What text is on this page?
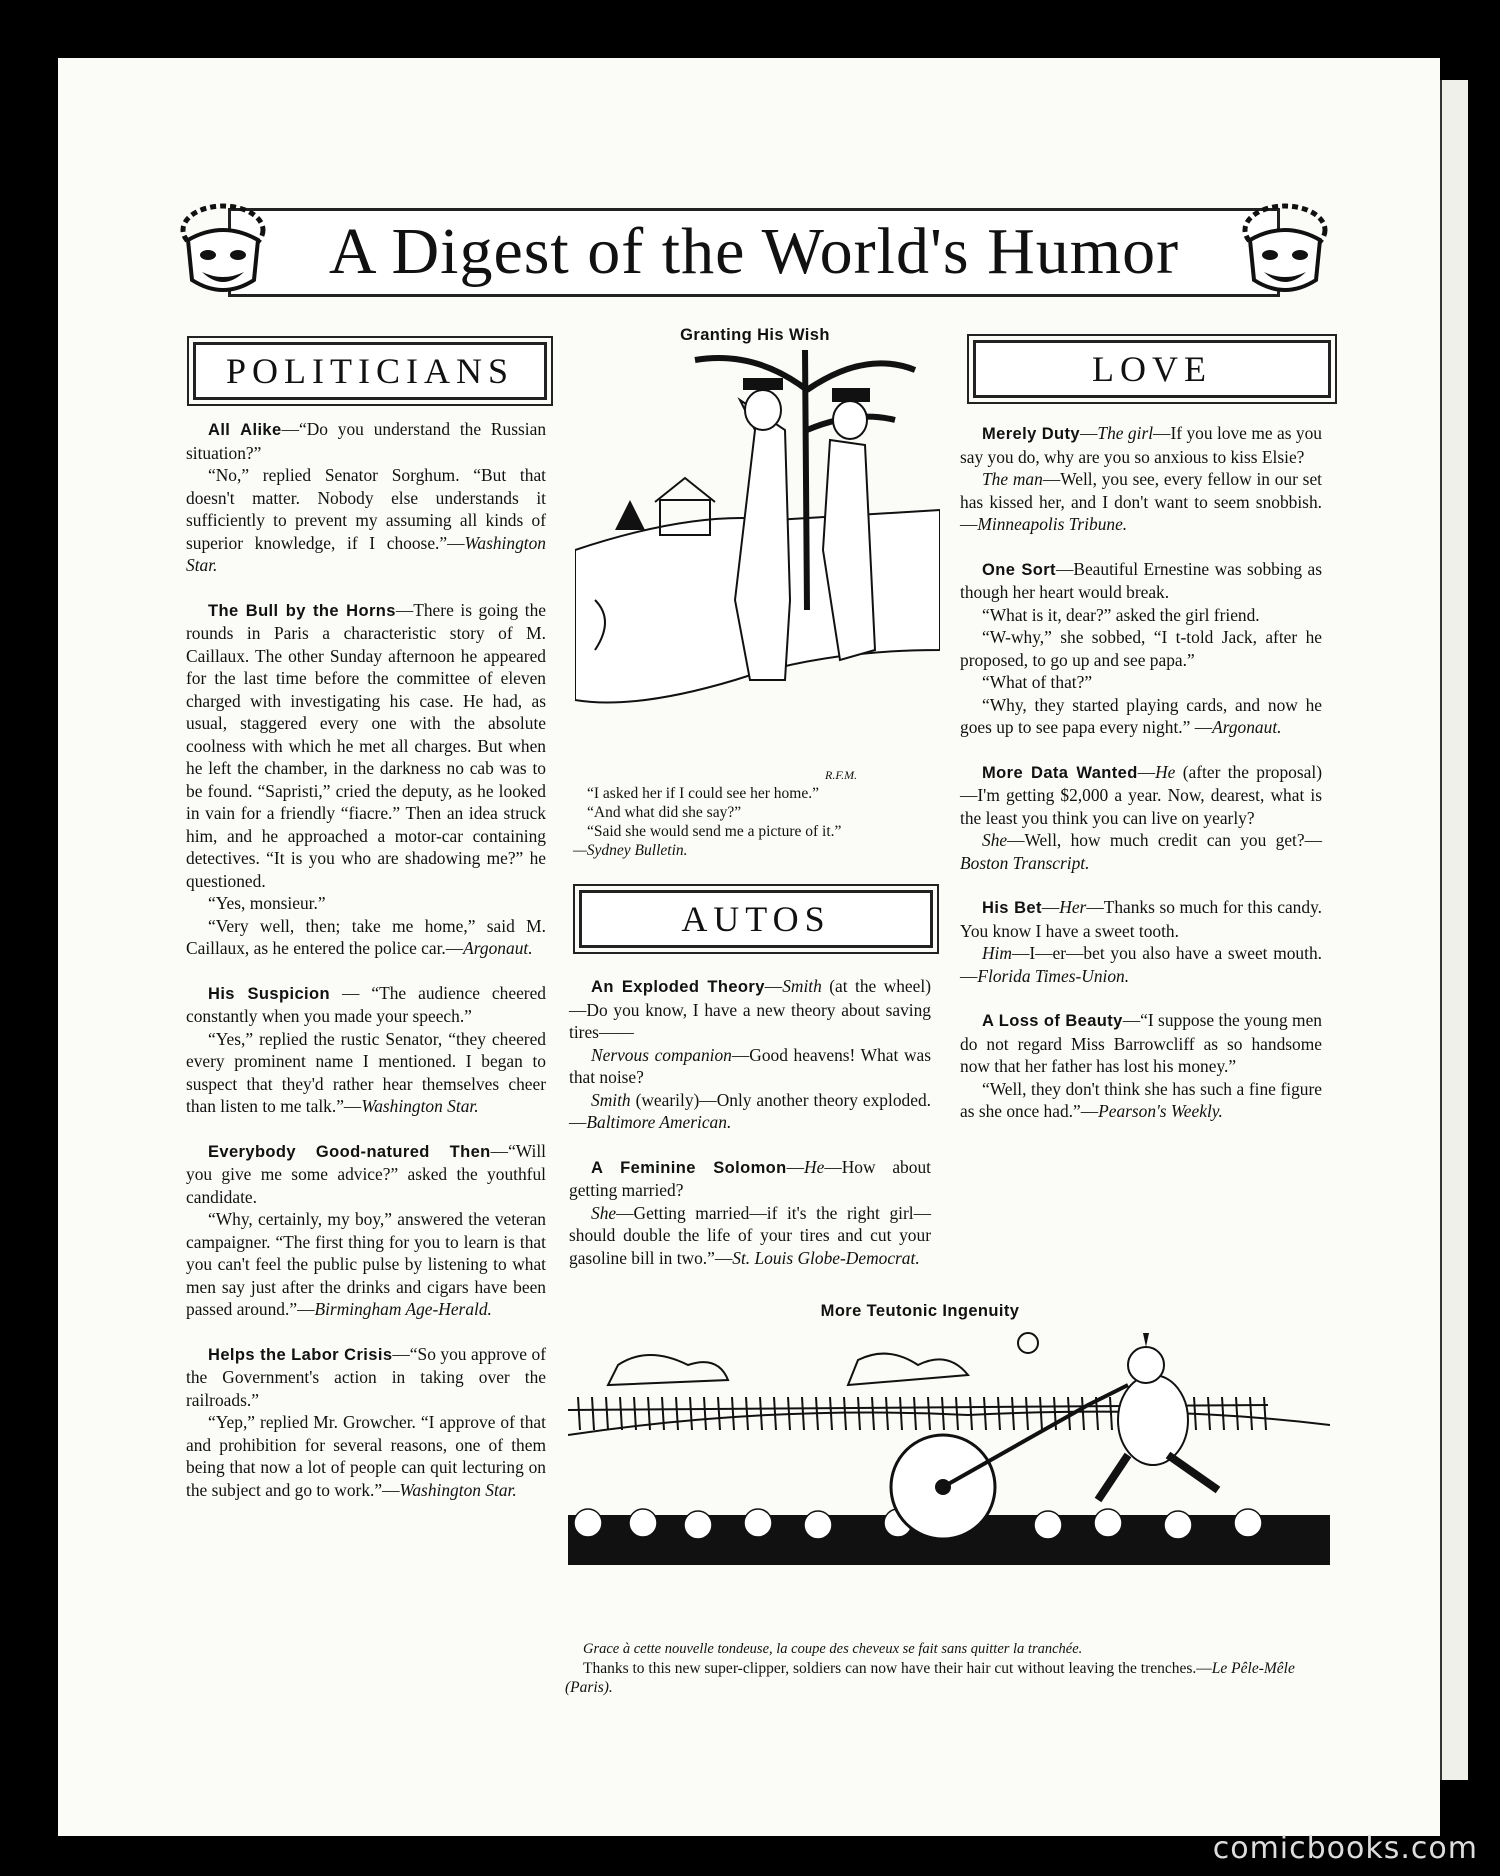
A Digest of the World's Humor
POLITICIANS	LOVE
AUTOS

All Alike—“Do you understand the Russian situation?”

“No,” replied Senator Sorghum. “But that doesn't matter. Nobody else understands it sufficiently to prevent my assuming all kinds of superior knowledge, if I choose.”—Washington Star.

The Bull by the Horns—There is going the rounds in Paris a characteristic story of M. Caillaux. The other Sunday afternoon he appeared for the last time before the committee of eleven charged with investigating his case. He had, as usual, staggered every one with the absolute coolness with which he met all charges. But when he left the chamber, in the darkness no cab was to be found. “Sapristi,” cried the deputy, as he looked in vain for a friendly “fiacre.” Then an idea struck him, and he approached a motor-car containing detectives. “It is you who are shadowing me?” he questioned.

“Yes, monsieur.”

“Very well, then; take me home,” said M. Caillaux, as he entered the police car.—Argonaut.

His Suspicion — “The audience cheered constantly when you made your speech.”

“Yes,” replied the rustic Senator, “they cheered every prominent name I mentioned. I began to suspect that they'd rather hear themselves cheer than listen to me talk.”—Washington Star.

Everybody Good-natured Then—“Will you give me some advice?” asked the youthful candidate.

“Why, certainly, my boy,” answered the veteran campaigner. “The first thing for you to learn is that you can't feel the public pulse by listening to what men say just after the drinks and cigars have been passed around.”—Birmingham Age-Herald.

Helps the Labor Crisis—“So you approve of the Government's action in taking over the railroads.”

“Yep,” replied Mr. Growcher. “I approve of that and prohibition for several reasons, one of them being that now a lot of people can quit lecturing on the subject and go to work.”—Washington Star.

Granting His Wish
R.F.M.

“I asked her if I could see her home.”

“And what did she say?”

“Said she would send me a picture of it.”

—Sydney Bulletin.

An Exploded Theory—Smith (at the wheel)—Do you know, I have a new theory about saving tires——

Nervous companion—Good heavens! What was that noise?

Smith (wearily)—Only another theory exploded.—Baltimore American.

A Feminine Solomon—He—How about getting married?

She—Getting married—if it's the right girl—should double the life of your tires and cut your gasoline bill in two.”—St. Louis Globe-Democrat.

Merely Duty—The girl—If you love me as you say you do, why are you so anxious to kiss Elsie?

The man—Well, you see, every fellow in our set has kissed her, and I don't want to seem snobbish.—Minneapolis Tribune.

One Sort—Beautiful Ernestine was sobbing as though her heart would break.

“What is it, dear?” asked the girl friend.

“W-why,” she sobbed, “I t-told Jack, after he proposed, to go up and see papa.”

“What of that?”

“Why, they started playing cards, and now he goes up to see papa every night.” —Argonaut.

More Data Wanted—He (after the proposal)—I'm getting $2,000 a year. Now, dearest, what is the least you think you can live on yearly?

She—Well, how much credit can you get?—Boston Transcript.

His Bet—Her—Thanks so much for this candy. You know I have a sweet tooth.

Him—I—er—bet you also have a sweet mouth.—Florida Times-Union.

A Loss of Beauty—“I suppose the young men do not regard Miss Barrowcliff as so handsome now that her father has lost his money.”

“Well, they don't think she has such a fine figure as she once had.”—Pearson's Weekly.

More Teutonic Ingenuity

Grace à cette nouvelle tondeuse, la coupe des cheveux se fait sans quitter la tranchée.

Thanks to this new super-clipper, soldiers can now have their hair cut without leaving the trenches.—Le Pêle-Mêle (Paris).

comicbooks.com
